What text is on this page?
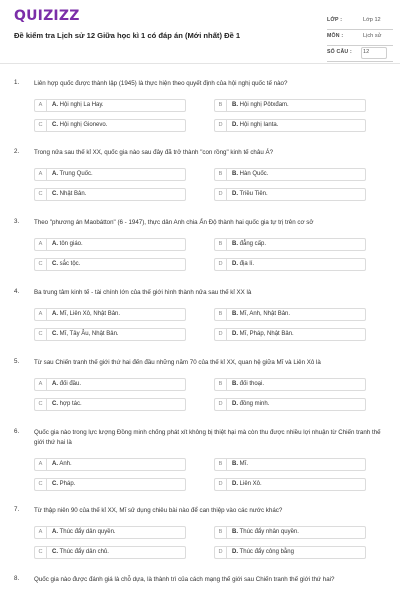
QUIZIZZ
Đề kiểm tra Lịch sử 12 Giữa học kì 1 có đáp án (Mới nhất) Đề 1
LỚP :	Lớp 12
MÔN :	Lịch sử
SỐ CÂU : 12
1. Liên hợp quốc được thành lập (1945) là thực hiện theo quyết định của hội nghị quốc tế nào?
A	A. Hội nghị La Hay.	B	B. Hội nghị Pôtxđam.
C	C. Hội nghị Gionevo.	D	D. Hội nghị Ianta.
2. Trong nửa sau thế kỉ XX, quốc gia nào sau đây đã trở thành "con rồng" kinh tế châu Á?
A	A. Trung Quốc.	B	B. Hàn Quốc.
C	C. Nhật Bản.	D	D. Triều Tiên.
3. Theo "phương án Maobátton" (6 - 1947), thực dân Anh chia Ấn Độ thành hai quốc gia tự trị trên cơ sở
A	A. tôn giáo.	B	B. đẳng cấp.
C	C. sắc tộc.	D	D. địa lí.
4. Ba trung tâm kinh tế - tài chính lớn của thế giới hình thành nửa sau thế kỉ XX là
A	A. Mĩ, Liên Xô, Nhật Bản.	B	B. Mĩ, Anh, Nhật Bản.
C	C. Mĩ, Tây Âu, Nhật Bản.	D	D. Mĩ, Pháp, Nhật Bản.
5. Từ sau Chiến tranh thế giới thứ hai đến đầu những năm 70 của thế kỉ XX, quan hệ giữa Mĩ và Liên Xô là
A	A. đối đầu.	B	B. đối thoại.
C	C. hợp tác.	D	D. đồng minh.
6. Quốc gia nào trong lực lượng Đồng minh chống phát xít không bị thiệt hại mà còn thu được nhiều lợi nhuận từ Chiến tranh thế giới thứ hai là
A	A. Anh.	B	B. Mĩ.
C	C. Pháp.	D	D. Liên Xô.
7. Từ thập niên 90 của thế kỉ XX, Mĩ sử dụng chiêu bài nào để can thiệp vào các nước khác?
A	A. Thúc đẩy dân quyền.	B	B. Thúc đẩy nhân quyền.
C	C. Thúc đẩy dân chủ.	D	D. Thúc đẩy công bằng
8. Quốc gia nào được đánh giá là chỗ dựa, là thành trì của cách mạng thế giới sau Chiến tranh thế giới thứ hai?
